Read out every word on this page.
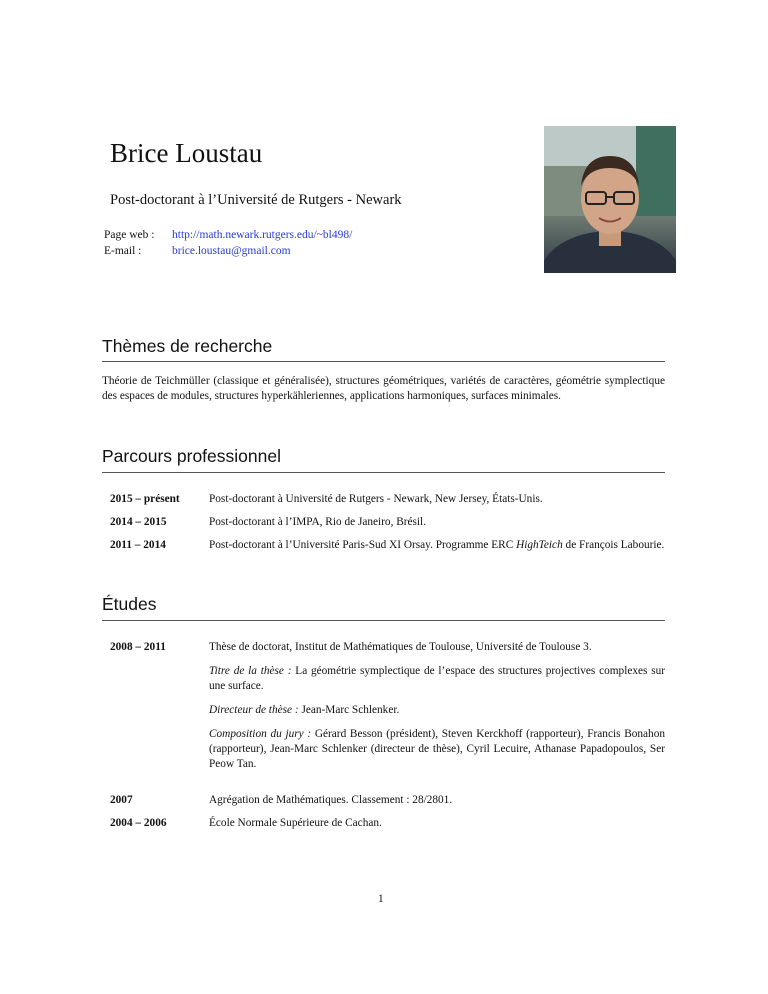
Brice Loustau
Post-doctorant à l’Université de Rutgers - Newark
Page web :	http://math.newark.rutgers.edu/~bl498/
E-mail :	brice.loustau@gmail.com
Thèmes de recherche
Théorie de Teichmüller (classique et généralisée), structures géométriques, variétés de caractères, géométrie symplectique des espaces de modules, structures hyperkähleriennes, applications harmoniques, surfaces minimales.
Parcours professionnel
2015 – présent	Post-doctorant à Université de Rutgers - Newark, New Jersey, États-Unis.
2014 – 2015	Post-doctorant à l’IMPA, Rio de Janeiro, Brésil.
2011 – 2014	Post-doctorant à l’Université Paris-Sud XI Orsay. Programme ERC HighTeich de François Labourie.
Études
2008 – 2011	Thèse de doctorat, Institut de Mathématiques de Toulouse, Université de Toulouse 3.

Titre de la thèse : La géométrie symplectique de l’espace des structures projectives complexes sur une surface.

Directeur de thèse : Jean-Marc Schlenker.

Composition du jury : Gérard Besson (président), Steven Kerckhoff (rapporteur), Francis Bonahon (rapporteur), Jean-Marc Schlenker (directeur de thèse), Cyril Lecuire, Athanase Papadopoulos, Ser Peow Tan.

2007	Agrégation de Mathématiques. Classement : 28/2801.
2004 – 2006	École Normale Supérieure de Cachan.
1
